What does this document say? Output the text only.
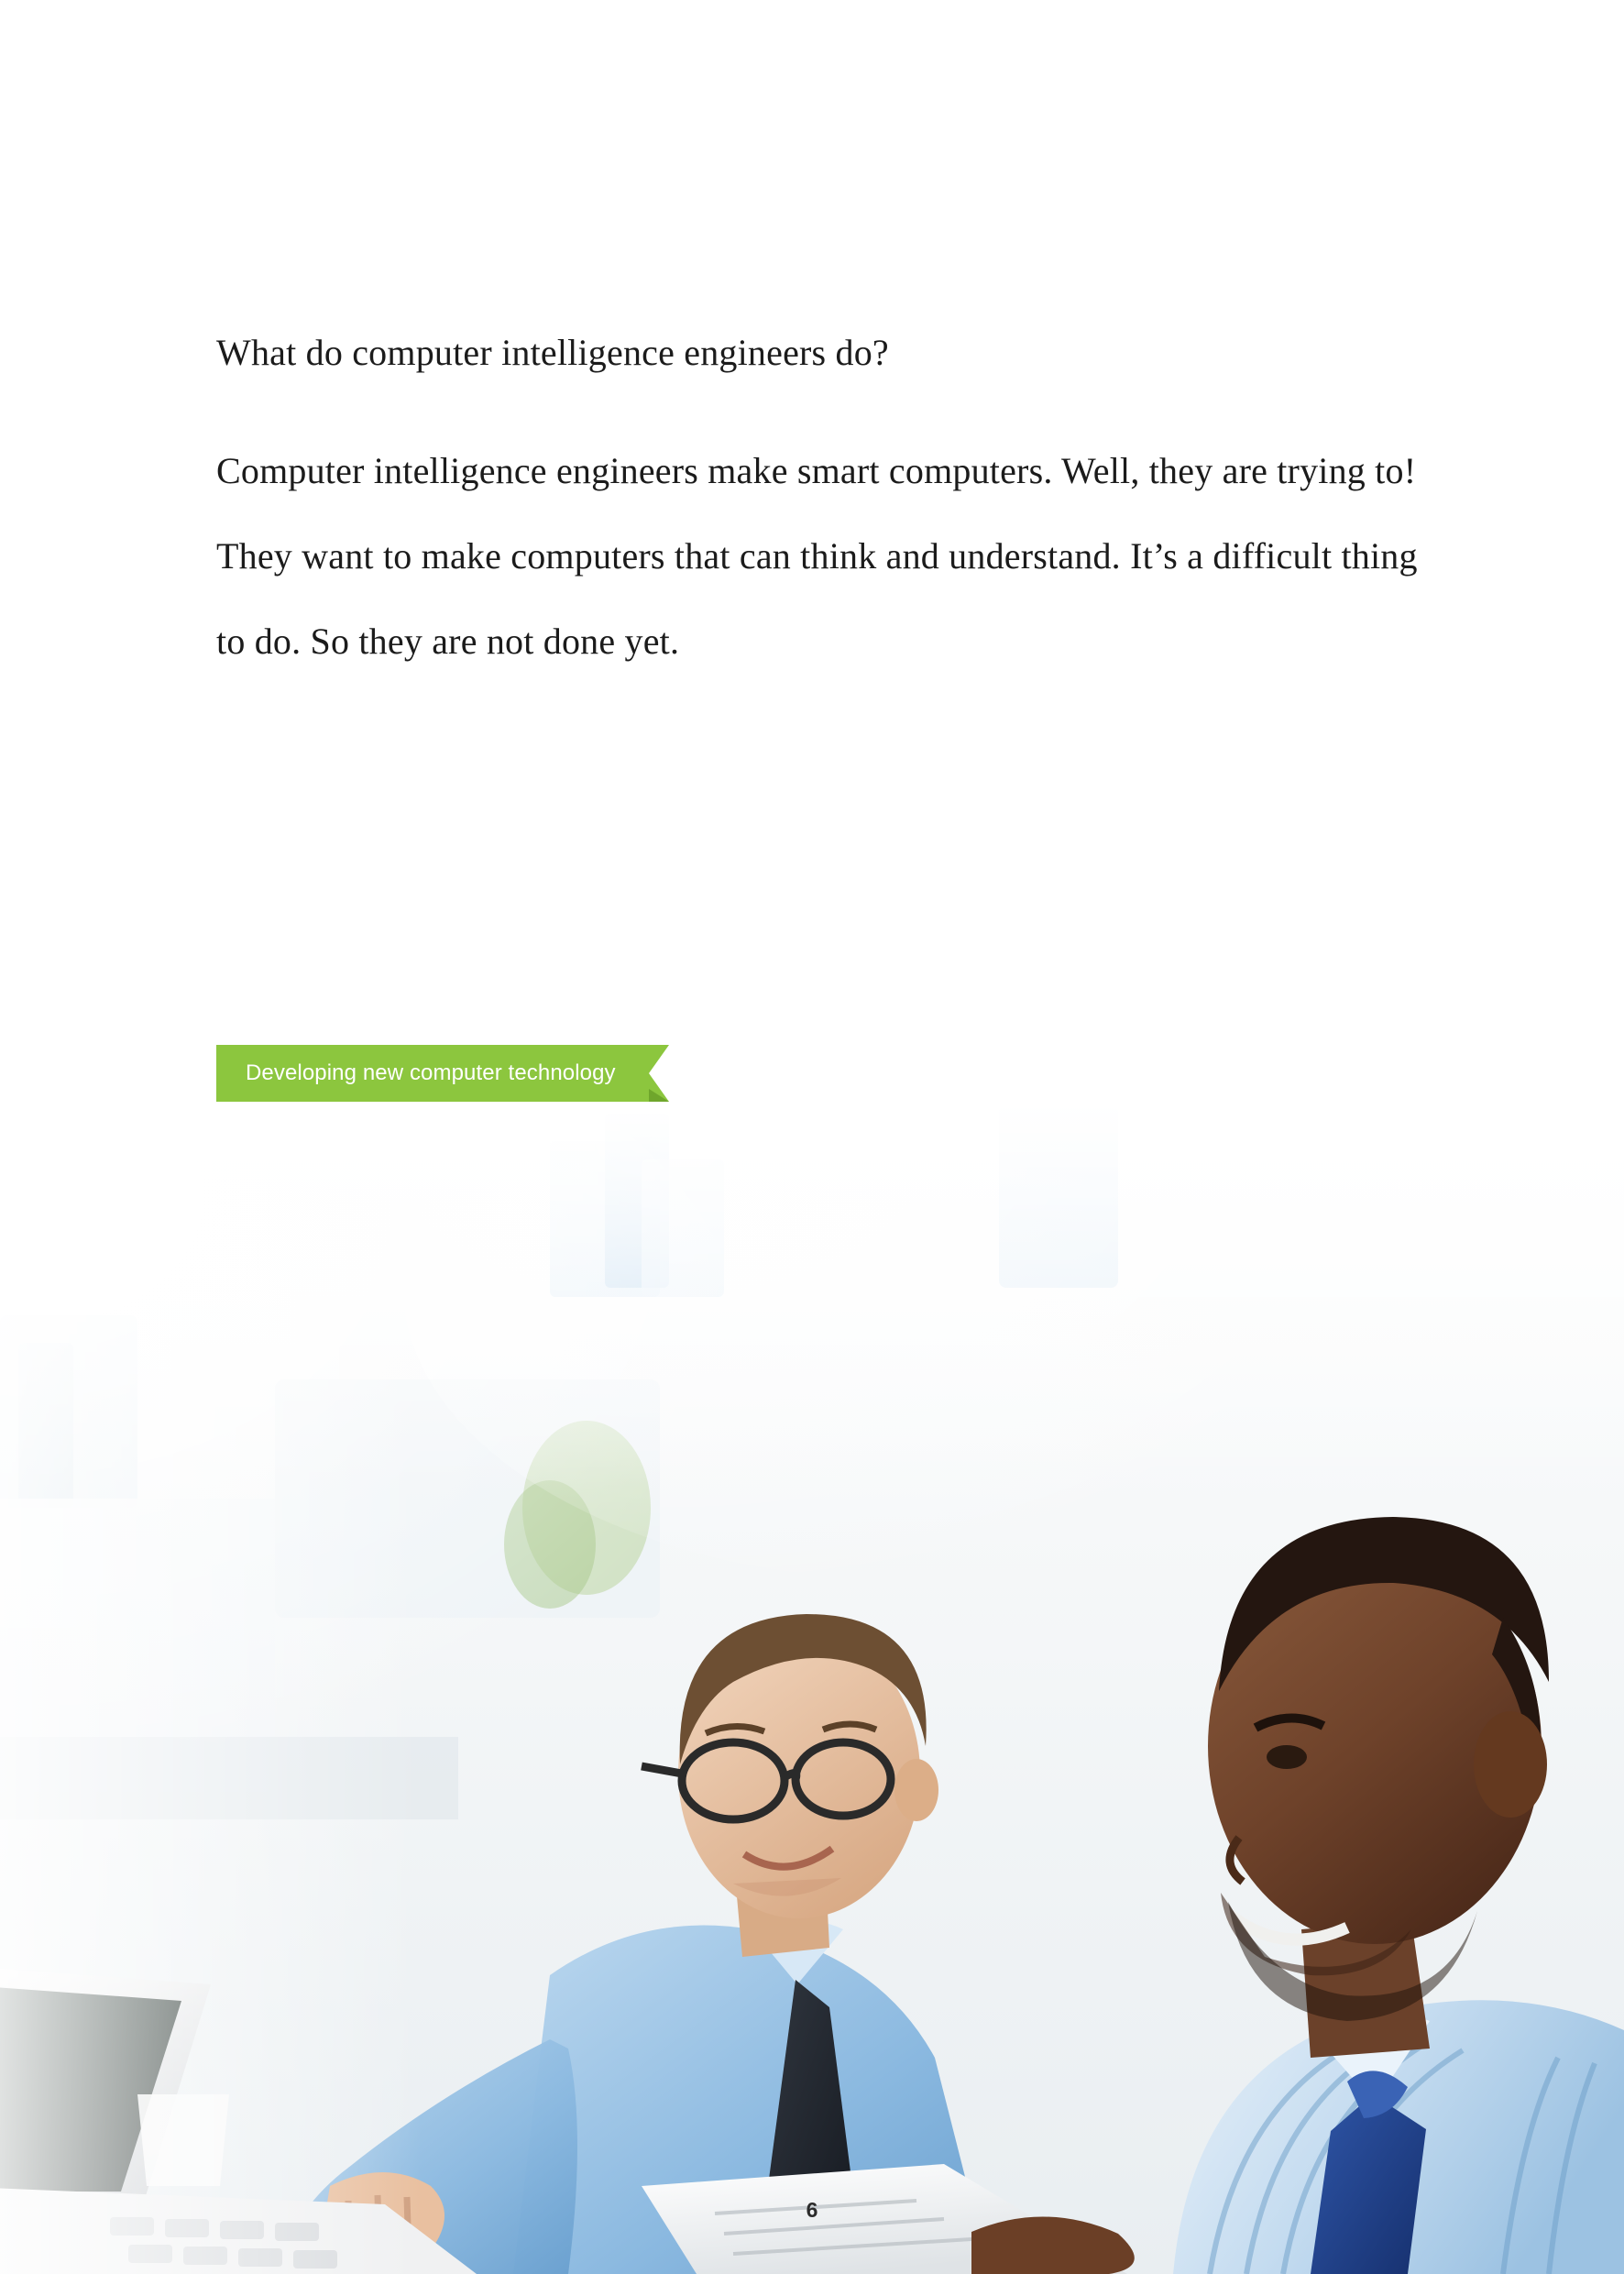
What do computer intelligence engineers do?

Computer intelligence engineers make smart computers. Well, they are trying to! They want to make computers that can think and understand. It’s a difficult thing to do. So they are not done yet.

Developing new computer technology
6
